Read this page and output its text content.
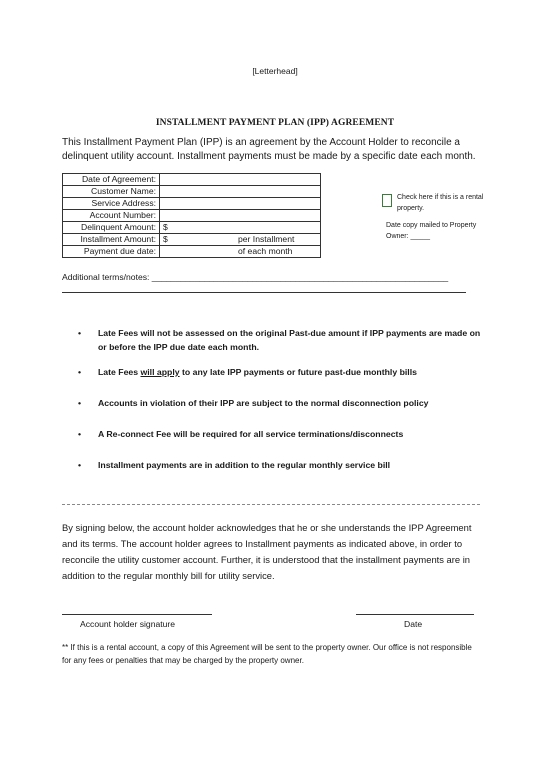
[Letterhead]
INSTALLMENT PAYMENT PLAN (IPP) AGREEMENT
This Installment Payment Plan (IPP) is an agreement by the Account Holder to reconcile a delinquent utility account. Installment payments must be made by a specific date each month.
Date of Agreement:	
Customer Name:	
Service Address:	
Account Number:	
Delinquent Amount:	$
Installment Amount:	$ per Installment

Payment due date:	of each month
Check here if this is a rental property.
Date copy mailed to Property Owner: _____
Additional terms/notes: ______________________________________________________________
• Late Fees will not be assessed on the original Past-due amount if IPP payments are made on or before the IPP due date each month.
• Late Fees will apply to any late IPP payments or future past-due monthly bills
• Accounts in violation of their IPP are subject to the normal disconnection policy
• A Re-connect Fee will be required for all service terminations/disconnects
• Installment payments are in addition to the regular monthly service bill
By signing below, the account holder acknowledges that he or she understands the IPP Agreement and its terms. The account holder agrees to Installment payments as indicated above, in order to reconcile the utility customer account. Further, it is understood that the installment payments are in addition to the regular monthly bill for utility service.
Account holder signature	Date
** If this is a rental account, a copy of this Agreement will be sent to the property owner. Our office is not responsible for any fees or penalties that may be charged by the property owner.
